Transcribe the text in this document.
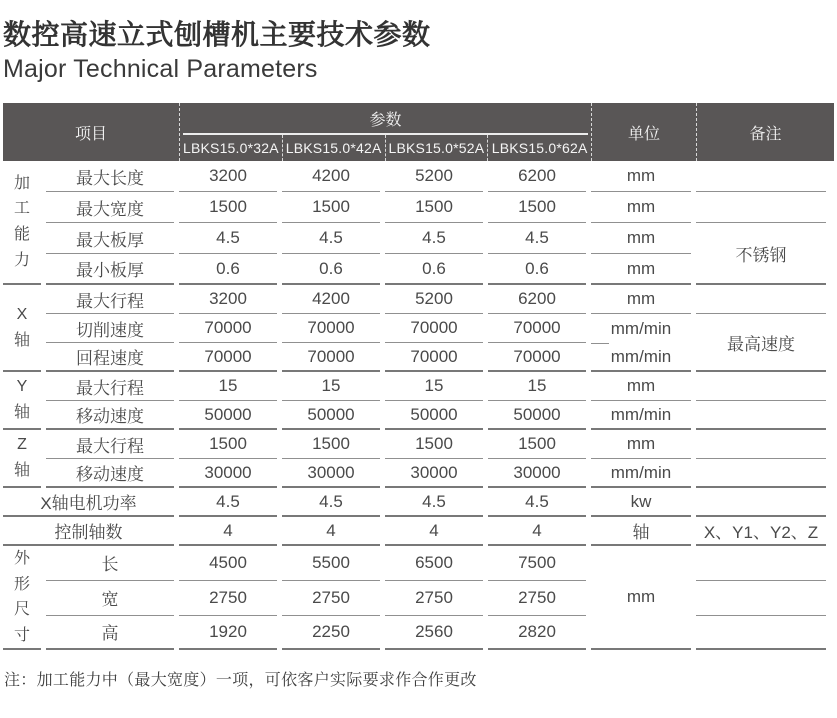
数控高速立式刨槽机主要技术参数
Major Technical Parameters
项目
参数
LBKS15.0*32A LBKS15.0*42A LBKS15.0*52A LBKS15.0*62A
单位	备注
加工能力	最大长度	3200	4200	5200	6200	mm	
	最大宽度	1500	1500	1500	1500	mm	
	最大板厚	4.5	4.5	4.5	4.5	mm	不锈钢
	最小板厚	0.6	0.6	0.6	0.6	mm	
X轴	最大行程	3200	4200	5200	6200	mm	
	切削速度	70000	70000	70000	70000	mm/min	最高速度
	回程速度	70000	70000	70000	70000	mm/min	
Y轴	最大行程	15	15	15	15	mm	
	移动速度	50000	50000	50000	50000	mm/min	
Z轴	最大行程	1500	1500	1500	1500	mm	
	移动速度	30000	30000	30000	30000	mm/min	
X轴电机功率		4.5	4.5	4.5	4.5	kw	
控制轴数		4	4	4	4	轴	X、Y1、Y2、Z
外形尺寸	长	4500	5500	6500	7500	mm	
	宽	2750	2750	2750	2750		
	高	1920	2250	2560	2820		

注：加工能力中（最大宽度）一项，可依客户实际要求作合作更改
